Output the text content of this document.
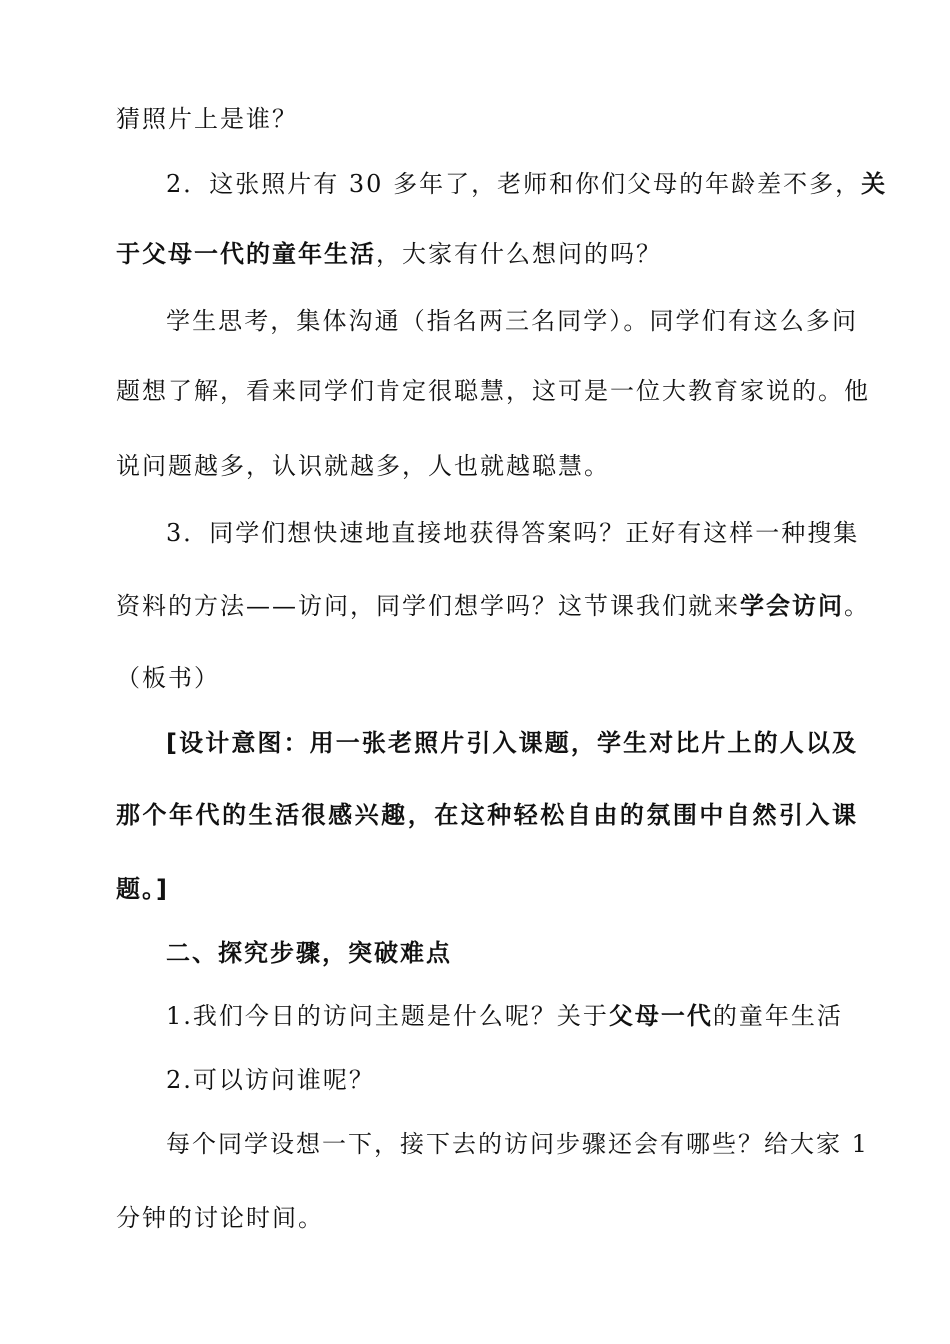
猜照片上是谁？
2．这张照片有 30 多年了，老师和你们父母的年龄差不多，关
于父母一代的童年生活，大家有什么想问的吗？
学生思考，集体沟通（指名两三名同学）。同学们有这么多问
题想了解，看来同学们肯定很聪慧，这可是一位大教育家说的。他
说问题越多，认识就越多，人也就越聪慧。
3．同学们想快速地直接地获得答案吗？正好有这样一种搜集
资料的方法——访问，同学们想学吗？这节课我们就来学会访问。
（板书）
[设计意图：用一张老照片引入课题，学生对比片上的人以及
那个年代的生活很感兴趣，在这种轻松自由的氛围中自然引入课
题。]
二、探究步骤，突破难点
1.我们今日的访问主题是什么呢？关于父母一代的童年生活
2.可以访问谁呢？
每个同学设想一下，接下去的访问步骤还会有哪些？给大家 1
分钟的讨论时间。
